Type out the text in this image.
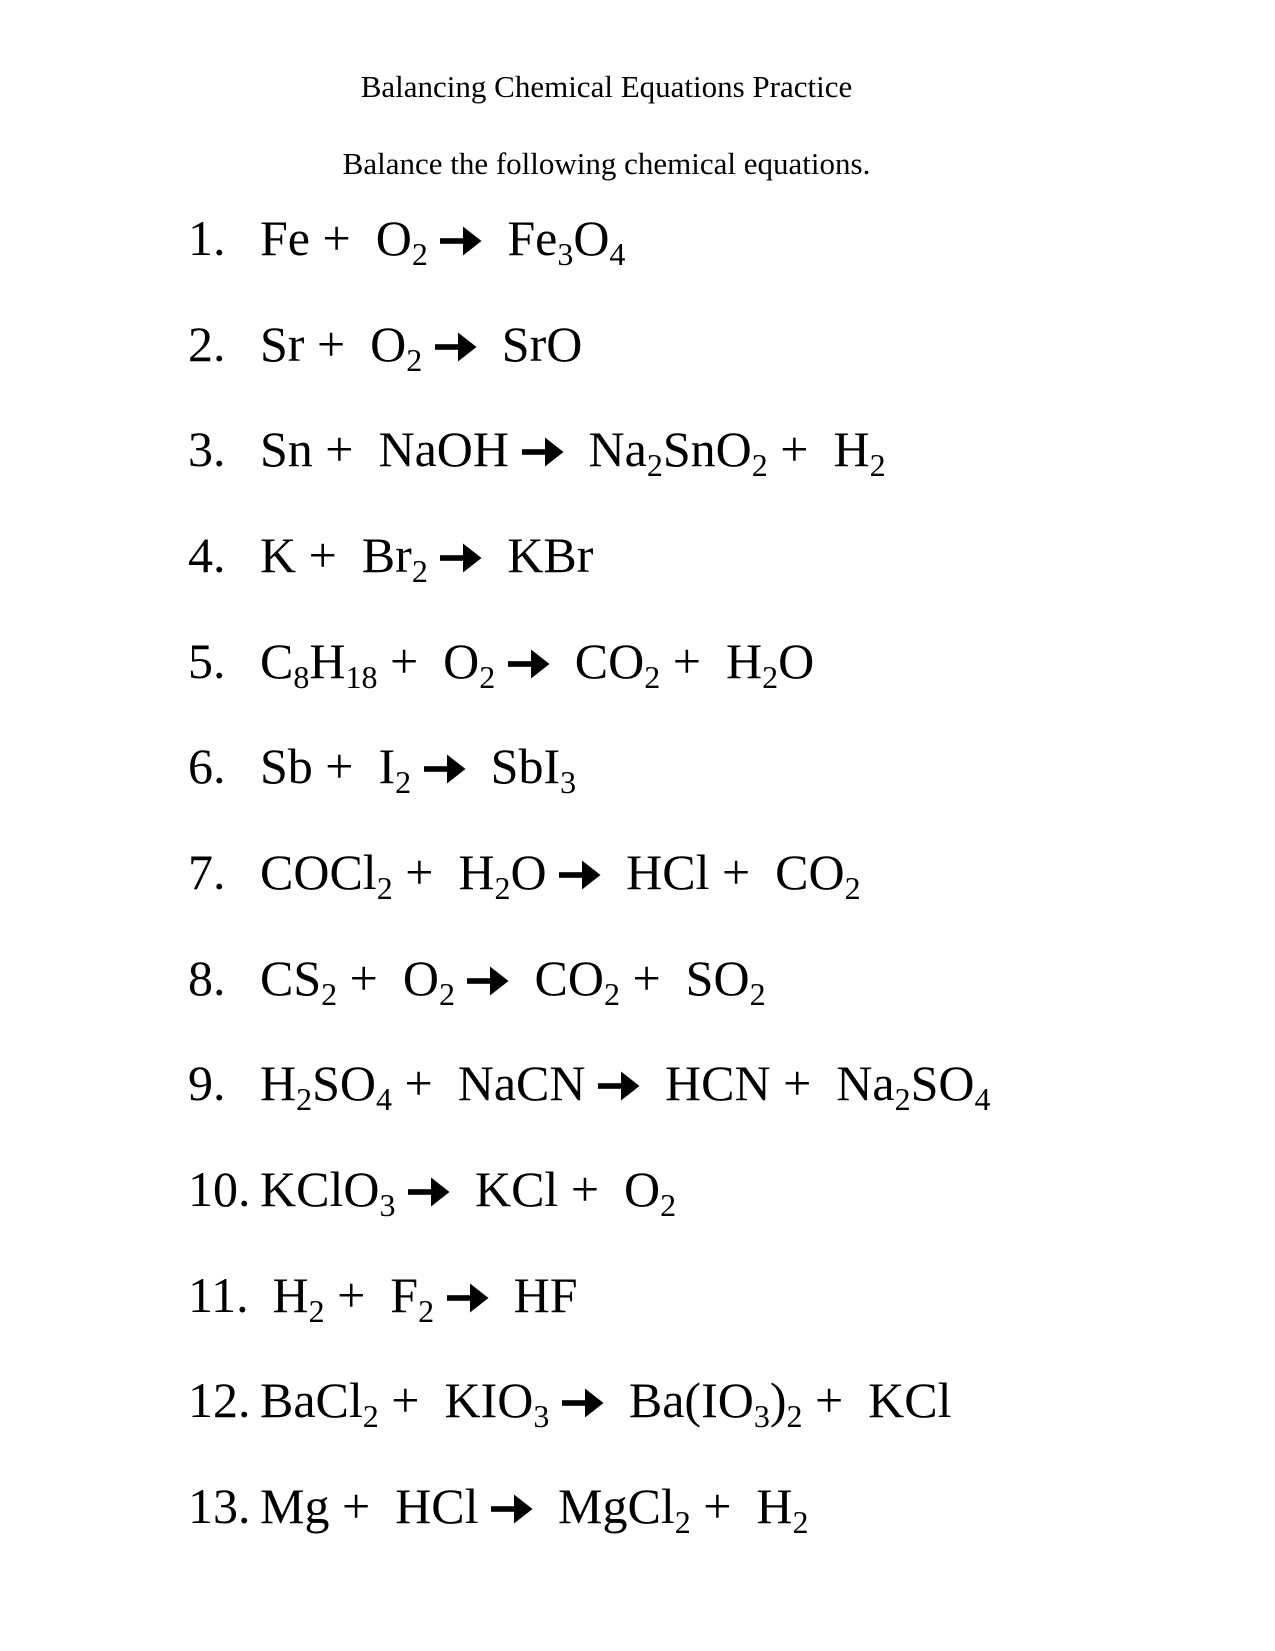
Balancing Chemical Equations Practice
Balance the following chemical equations.
1. $Fe + O_2$   $Fe_3O_4$
2. $Sr + O_2$   SrO
3. Sn +  NaOH   $Na_2SnO_2 + H_2$
4. $K + Br_2$   KBr
5. $C_8H_{18} + O_2$   $CO_2 + H_2O$
6. $Sb + I_2$   SbI$_3$
7. COCl$_2$ +  $H_2O$   HCl +  $CO_2$
8. $CS_2 + O_2$   $CO_2 + SO_2$
9. $H_2SO_4$ +  NaCN   HCN +  $Na_2SO_4$
10. KClO$_3$   KCl +  $O_2$
11. $H_2 + F_2$   HF
12. BaCl$_2$ +  $KIO_3$   $Ba(IO_3)_2$ +  KCl
13. Mg +  HCl   MgCl$_2$ +  $H_2$
